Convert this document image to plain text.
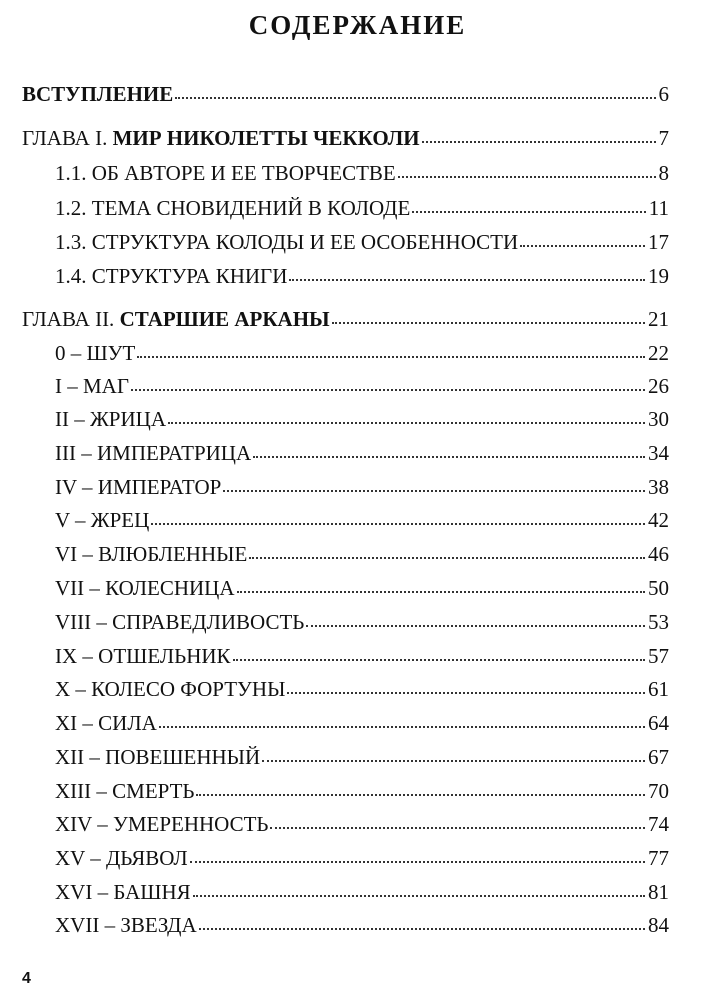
СОДЕРЖАНИЕ
ВСТУПЛЕНИЕ	6
ГЛАВА I. МИР НИКОЛЕТТЫ ЧЕККОЛИ	7
1.1. ОБ АВТОРЕ И ЕЕ ТВОРЧЕСТВЕ	8
1.2. ТЕМА СНОВИДЕНИЙ В КОЛОДЕ	11
1.3. СТРУКТУРА КОЛОДЫ И ЕЕ ОСОБЕННОСТИ	17
1.4. СТРУКТУРА КНИГИ	19
ГЛАВА II. СТАРШИЕ АРКАНЫ	21
0 – ШУТ	22
I – МАГ	26
II – ЖРИЦА	30
III – ИМПЕРАТРИЦА	34
IV – ИМПЕРАТОР	38
V – ЖРЕЦ	42
VI – ВЛЮБЛЕННЫЕ	46
VII – КОЛЕСНИЦА	50
VIII – СПРАВЕДЛИВОСТЬ	53
IX – ОТШЕЛЬНИК	57
X – КОЛЕСО ФОРТУНЫ	61
XI – СИЛА	64
XII – ПОВЕШЕННЫЙ	67
XIII – СМЕРТЬ	70
XIV – УМЕРЕННОСТЬ	74
XV – ДЬЯВОЛ	77
XVI – БАШНЯ	81
XVII – ЗВЕЗДА	84
4
